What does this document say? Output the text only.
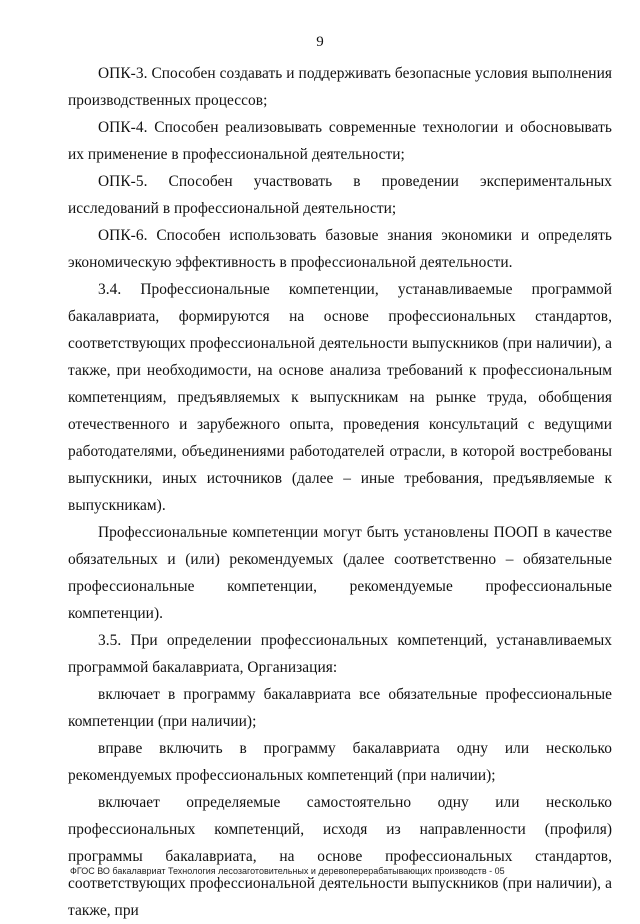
9

ОПК-3. Способен создавать и поддерживать безопасные условия выполнения производственных процессов;

ОПК-4. Способен реализовывать современные технологии и обосновывать их применение в профессиональной деятельности;

ОПК-5. Способен участвовать в проведении экспериментальных исследований в профессиональной деятельности;

ОПК-6. Способен использовать базовые знания экономики и определять экономическую эффективность в профессиональной деятельности.

3.4. Профессиональные компетенции, устанавливаемые программой бакалавриата, формируются на основе профессиональных стандартов, соответствующих профессиональной деятельности выпускников (при наличии), а также, при необходимости, на основе анализа требований к профессиональным компетенциям, предъявляемых к выпускникам на рынке труда, обобщения отечественного и зарубежного опыта, проведения консультаций с ведущими работодателями, объединениями работодателей отрасли, в которой востребованы выпускники, иных источников (далее – иные требования, предъявляемые к выпускникам).

Профессиональные компетенции могут быть установлены ПООП в качестве обязательных и (или) рекомендуемых (далее соответственно – обязательные профессиональные компетенции, рекомендуемые профессиональные компетенции).

3.5. При определении профессиональных компетенций, устанавливаемых программой бакалавриата, Организация:

включает в программу бакалавриата все обязательные профессиональные компетенции (при наличии);

вправе включить в программу бакалавриата одну или несколько рекомендуемых профессиональных компетенций (при наличии);

включает определяемые самостоятельно одну или несколько профессиональных компетенций, исходя из направленности (профиля) программы бакалавриата, на основе профессиональных стандартов, соответствующих профессиональной деятельности выпускников (при наличии), а также, при

ФГОС ВО бакалавриат Технология лесозаготовительных и деревоперерабатывающих производств - 05
